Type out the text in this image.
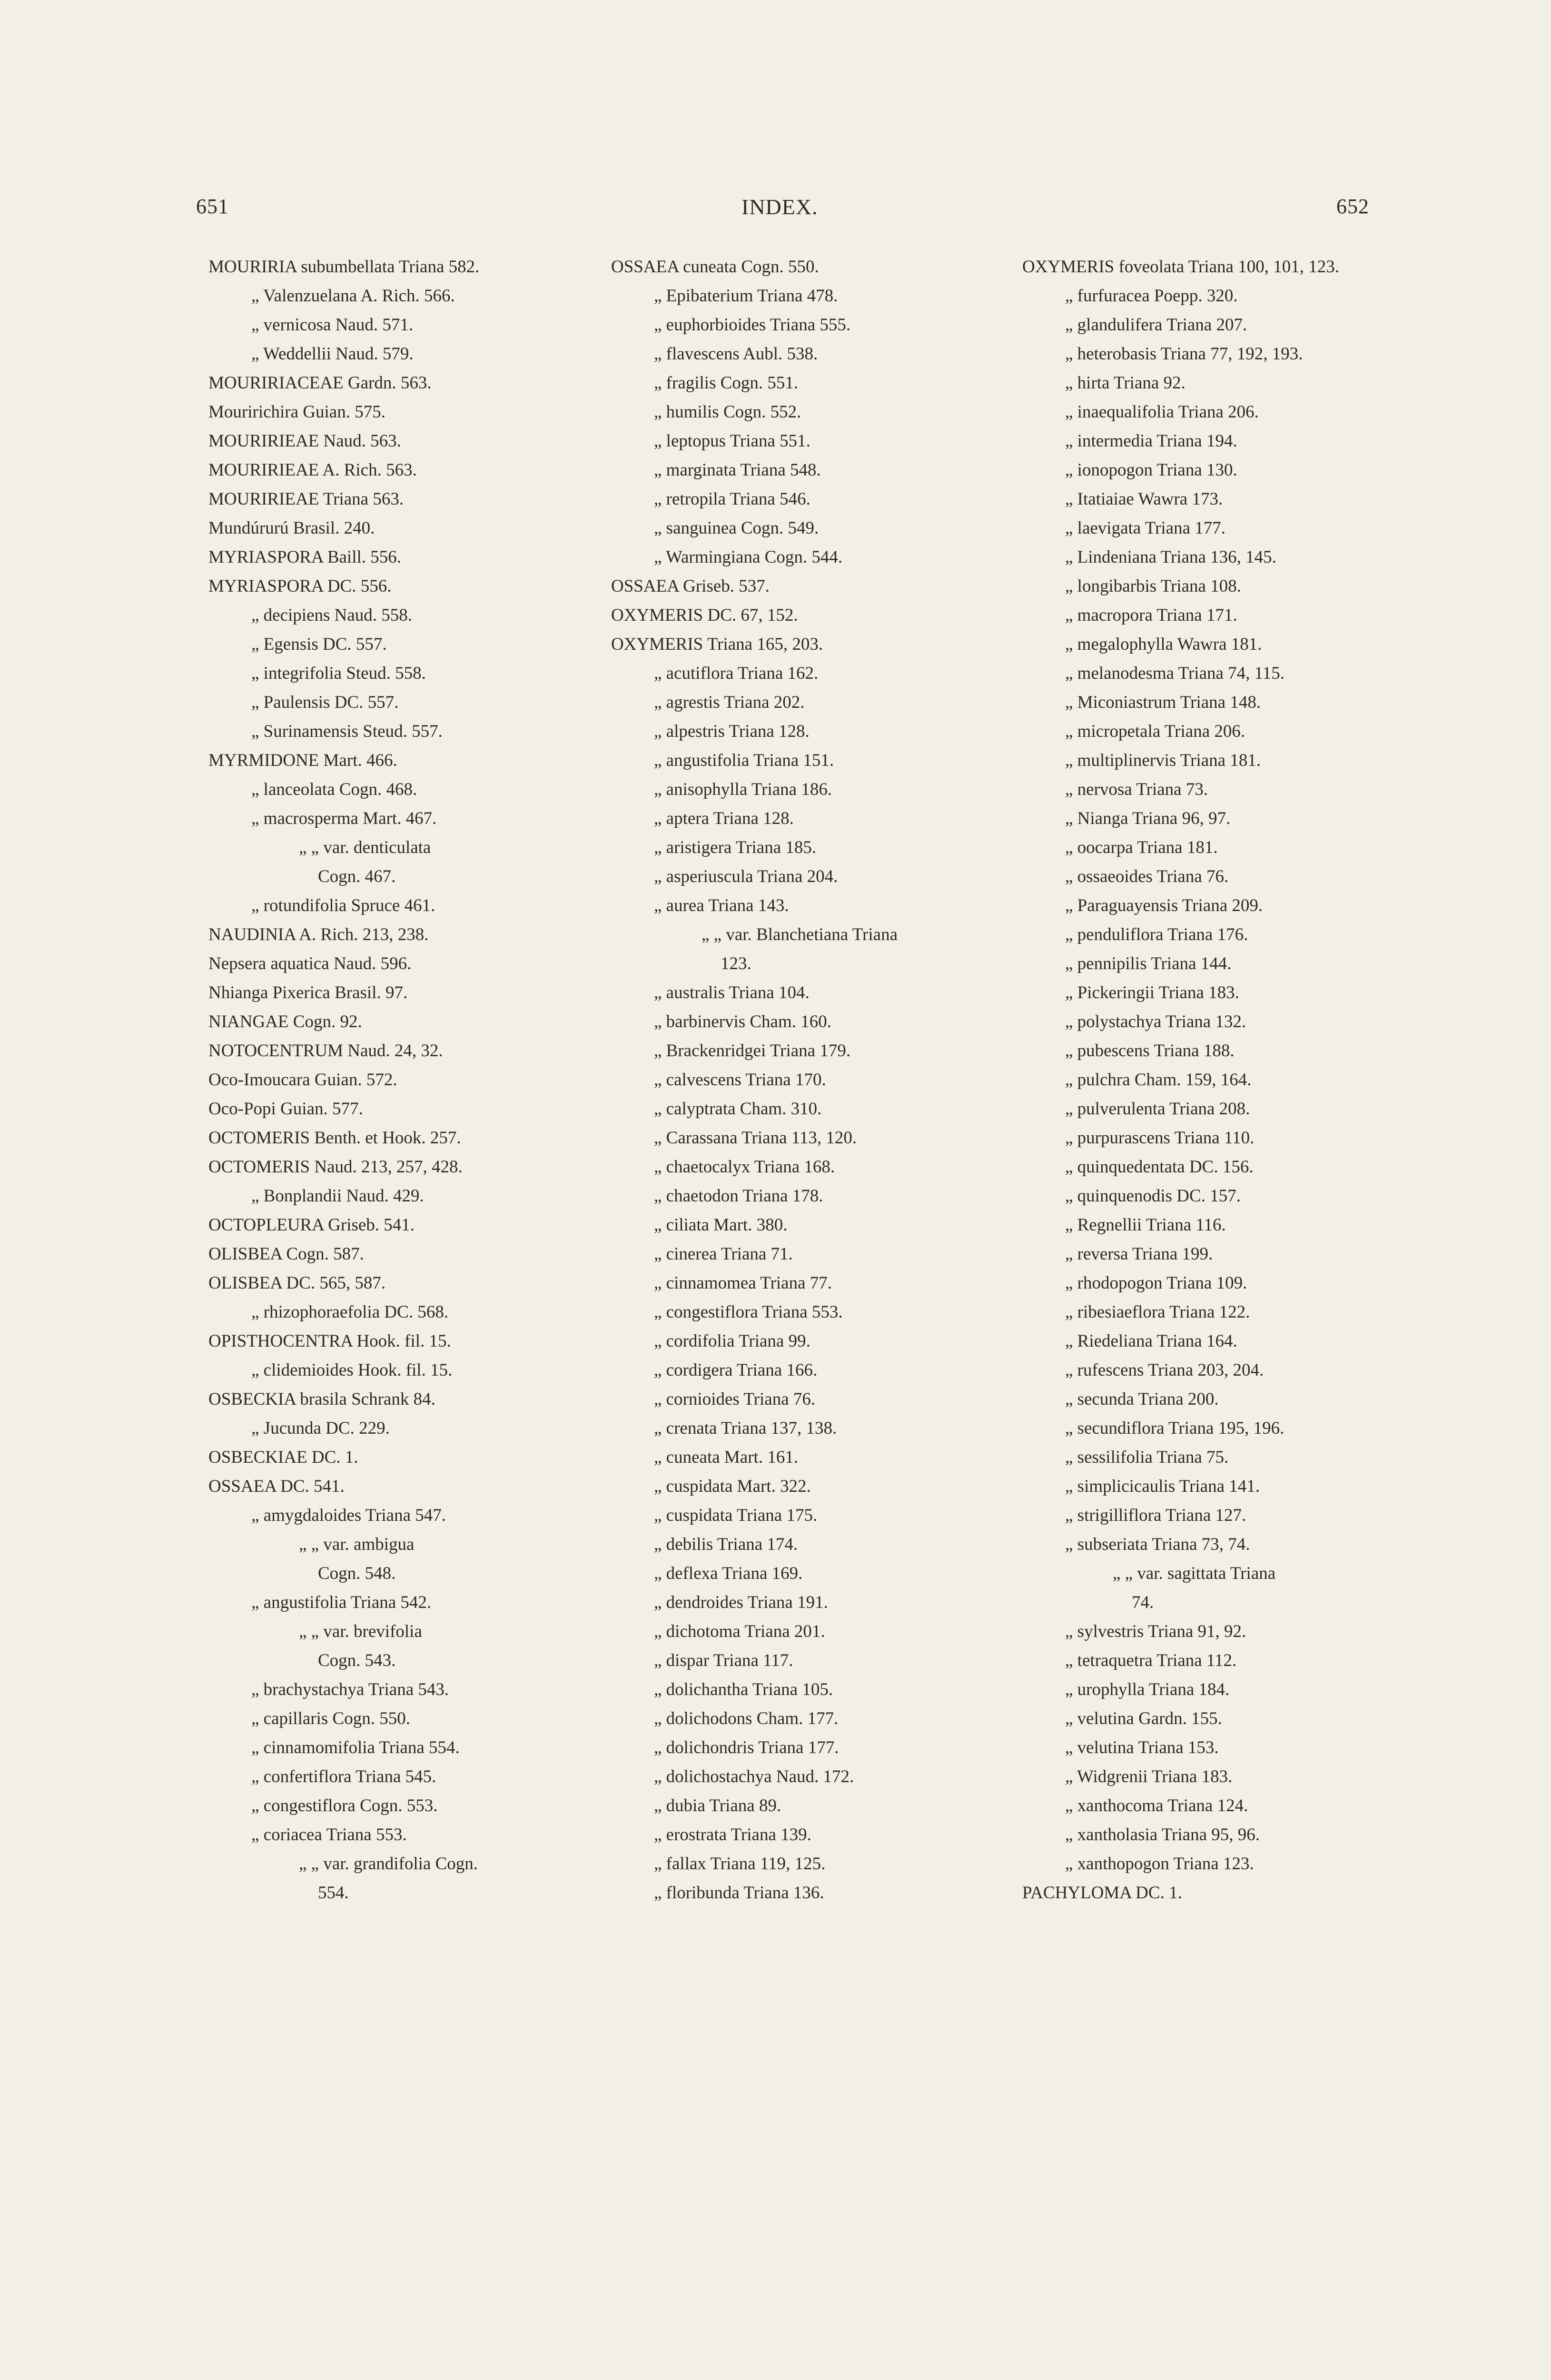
651	INDEX.	652
MOURIRIA subumbellata Triana 582.
„ Valenzuelana A. Rich. 566.
„ vernicosa Naud. 571.
„ Weddellii Naud. 579.
MOURIRIACEAE Gardn. 563.
Mouririchira Guian. 575.
MOURIRIEAE Naud. 563.
MOURIRIEAE A. Rich. 563.
MOURIRIEAE Triana 563.
Mundúrurú Brasil. 240.
MYRIASPORA Baill. 556.
MYRIASPORA DC. 556.
„ decipiens Naud. 558.
„ Egensis DC. 557.
„ integrifolia Steud. 558.
„ Paulensis DC. 557.
„ Surinamensis Steud. 557.
MYRMIDONE Mart. 466.
„ lanceolata Cogn. 468.
„ macrosperma Mart. 467.
„ „ var. denticulata
Cogn. 467.
„ rotundifolia Spruce 461.
NAUDINIA A. Rich. 213, 238.
Nepsera aquatica Naud. 596.
Nhianga Pixerica Brasil. 97.
NIANGAE Cogn. 92.
NOTOCENTRUM Naud. 24, 32.
Oco-Imoucara Guian. 572.
Oco-Popi Guian. 577.
OCTOMERIS Benth. et Hook. 257.
OCTOMERIS Naud. 213, 257, 428.
„ Bonplandii Naud. 429.
OCTOPLEURA Griseb. 541.
OLISBEA Cogn. 587.
OLISBEA DC. 565, 587.
„ rhizophoraefolia DC. 568.
OPISTHOCENTRA Hook. fil. 15.
„ clidemioides Hook. fil. 15.
OSBECKIA brasila Schrank 84.
„ Jucunda DC. 229.
OSBECKIAE DC. 1.
OSSAEA DC. 541.
„ amygdaloides Triana 547.
„ „ var. ambigua
Cogn. 548.
„ angustifolia Triana 542.
„ „ var. brevifolia
Cogn. 543.
„ brachystachya Triana 543.
„ capillaris Cogn. 550.
„ cinnamomifolia Triana 554.
„ confertiflora Triana 545.
„ congestiflora Cogn. 553.
„ coriacea Triana 553.
„ „ var. grandifolia Cogn.
554.
OSSAEA cuneata Cogn. 550.
„ Epibaterium Triana 478.
„ euphorbioides Triana 555.
„ flavescens Aubl. 538.
„ fragilis Cogn. 551.
„ humilis Cogn. 552.
„ leptopus Triana 551.
„ marginata Triana 548.
„ retropila Triana 546.
„ sanguinea Cogn. 549.
„ Warmingiana Cogn. 544.
OSSAEA Griseb. 537.
OXYMERIS DC. 67, 152.
OXYMERIS Triana 165, 203.
„ acutiflora Triana 162.
„ agrestis Triana 202.
„ alpestris Triana 128.
„ angustifolia Triana 151.
„ anisophylla Triana 186.
„ aptera Triana 128.
„ aristigera Triana 185.
„ asperiuscula Triana 204.
„ aurea Triana 143.
„ „ var. Blanchetiana Triana
123.
„ australis Triana 104.
„ barbinervis Cham. 160.
„ Brackenridgei Triana 179.
„ calvescens Triana 170.
„ calyptrata Cham. 310.
„ Carassana Triana 113, 120.
„ chaetocalyx Triana 168.
„ chaetodon Triana 178.
„ ciliata Mart. 380.
„ cinerea Triana 71.
„ cinnamomea Triana 77.
„ congestiflora Triana 553.
„ cordifolia Triana 99.
„ cordigera Triana 166.
„ cornioides Triana 76.
„ crenata Triana 137, 138.
„ cuneata Mart. 161.
„ cuspidata Mart. 322.
„ cuspidata Triana 175.
„ debilis Triana 174.
„ deflexa Triana 169.
„ dendroides Triana 191.
„ dichotoma Triana 201.
„ dispar Triana 117.
„ dolichantha Triana 105.
„ dolichodons Cham. 177.
„ dolichondris Triana 177.
„ dolichostachya Naud. 172.
„ dubia Triana 89.
„ erostrata Triana 139.
„ fallax Triana 119, 125.
„ floribunda Triana 136.
OXYMERIS foveolata Triana 100, 101, 123.
„ furfuracea Poepp. 320.
„ glandulifera Triana 207.
„ heterobasis Triana 77, 192, 193.
„ hirta Triana 92.
„ inaequalifolia Triana 206.
„ intermedia Triana 194.
„ ionopogon Triana 130.
„ Itatiaiae Wawra 173.
„ laevigata Triana 177.
„ Lindeniana Triana 136, 145.
„ longibarbis Triana 108.
„ macropora Triana 171.
„ megalophylla Wawra 181.
„ melanodesma Triana 74, 115.
„ Miconiastrum Triana 148.
„ micropetala Triana 206.
„ multiplinervis Triana 181.
„ nervosa Triana 73.
„ Nianga Triana 96, 97.
„ oocarpa Triana 181.
„ ossaeoides Triana 76.
„ Paraguayensis Triana 209.
„ penduliflora Triana 176.
„ pennipilis Triana 144.
„ Pickeringii Triana 183.
„ polystachya Triana 132.
„ pubescens Triana 188.
„ pulchra Cham. 159, 164.
„ pulverulenta Triana 208.
„ purpurascens Triana 110.
„ quinquedentata DC. 156.
„ quinquenodis DC. 157.
„ Regnellii Triana 116.
„ reversa Triana 199.
„ rhodopogon Triana 109.
„ ribesiaeflora Triana 122.
„ Riedeliana Triana 164.
„ rufescens Triana 203, 204.
„ secunda Triana 200.
„ secundiflora Triana 195, 196.
„ sessilifolia Triana 75.
„ simplicicaulis Triana 141.
„ strigilliflora Triana 127.
„ subseriata Triana 73, 74.
„ „ var. sagittata Triana
74.
„ sylvestris Triana 91, 92.
„ tetraquetra Triana 112.
„ urophylla Triana 184.
„ velutina Gardn. 155.
„ velutina Triana 153.
„ Widgrenii Triana 183.
„ xanthocoma Triana 124.
„ xantholasia Triana 95, 96.
„ xanthopogon Triana 123.
PACHYLOMA DC. 1.
